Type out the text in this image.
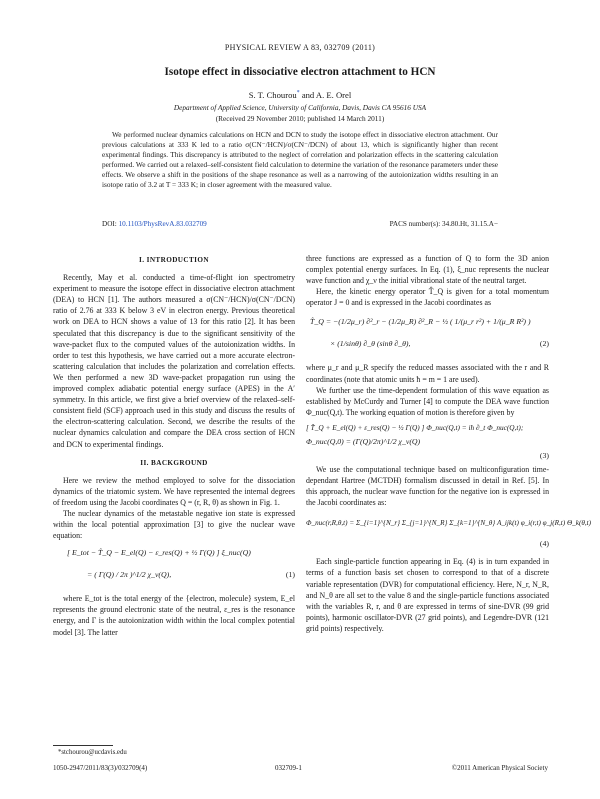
PHYSICAL REVIEW A 83, 032709 (2011)
Isotope effect in dissociative electron attachment to HCN
S. T. Chourou* and A. E. Orel
Department of Applied Science, University of California, Davis, Davis CA 95616 USA
(Received 29 November 2010; published 14 March 2011)
We performed nuclear dynamics calculations on HCN and DCN to study the isotope effect in dissociative electron attachment. Our previous calculations at 333 K led to a ratio σ(CN⁻/HCN)/σ(CN⁻/DCN) of about 13, which is significantly higher than recent experimental findings. This discrepancy is attributed to the neglect of correlation and polarization effects in the scattering calculation performed. We carried out a relaxed–self-consistent field calculation to determine the variation of the resonance parameters under these effects. We observe a shift in the positions of the shape resonance as well as a narrowing of the autoionization widths resulting in an isotope ratio of 3.2 at T = 333 K; in closer agreement with the measured value.
DOI: 10.1103/PhysRevA.83.032709	PACS number(s): 34.80.Ht, 31.15.A−
I. INTRODUCTION

Recently, May et al. conducted a time-of-flight ion spectrometry experiment to measure the isotope effect in dissociative electron attachment (DEA) to HCN [1]. The authors measured a σ(CN⁻/HCN)/σ(CN⁻/DCN) ratio of 2.76 at 333 K below 3 eV in electron energy. Previous theoretical work on DEA to HCN shows a value of 13 for this ratio [2]. It has been speculated that this discrepancy is due to the significant sensitivity of the wave-packet flux to the computed values of the autoionization widths. In order to test this hypothesis, we have carried out a more accurate electron-scattering calculation that includes the polarization and correlation effects. We then performed a new 3D wave-packet propagation run using the improved complex adiabatic potential energy surface (APES) in the A′ symmetry. In this article, we first give a brief overview of the relaxed–self-consistent field (SCF) approach used in this study and discuss the results of the electron-scattering calculation. Second, we describe the results of the nuclear dynamics calculation and compare the DEA cross section of HCN and DCN to experimental findings.

II. BACKGROUND

Here we review the method employed to solve for the dissociation dynamics of the triatomic system. We have represented the internal degrees of freedom using the Jacobi coordinates Q = (r, R, θ) as shown in Fig. 1.

The nuclear dynamics of the metastable negative ion state is expressed within the local potential approximation [3] to give the nuclear wave equation:

[ E_tot − T̂_Q − E_el(Q) − ε_res(Q) + ½ Γ(Q) ] ξ_nuc(Q)
= ( Γ(Q) / 2π )^1/2 χ_ν(Q),	(1)

where E_tot is the total energy of the {electron, molecule} system, E_el represents the ground electronic state of the neutral, ε_res is the resonance energy, and Γ is the autoionization width within the local complex potential model [3]. The latter

*stchourou@ucdavis.edu

three functions are expressed as a function of Q to form the 3D anion complex potential energy surfaces. In Eq. (1), ξ_nuc represents the nuclear wave function and χ_ν the initial vibrational state of the neutral target.

Here, the kinetic energy operator T̂_Q is given for a total momentum operator J = 0 and is expressed in the Jacobi coordinates as

T̂_Q = −(1/2μ_r) ∂²_r − (1/2μ_R) ∂²_R − ½ ( 1/(μ_r r²) + 1/(μ_R R²) )
× (1/sinθ) ∂_θ (sinθ ∂_θ),	(2)

where μ_r and μ_R specify the reduced masses associated with the r and R coordinates (note that atomic units ħ = m = 1 are used).

We further use the time-dependent formulation of this wave equation as established by McCurdy and Turner [4] to compute the DEA wave function Φ_nuc(Q,t). The working equation of motion is therefore given by

[ T̂_Q + E_el(Q) + ε_res(Q) − ½ Γ(Q) ] Φ_nuc(Q,t) = iħ ∂_t Φ_nuc(Q,t);
Φ_nuc(Q,0) = (Γ(Q)/2π)^1/2 χ_ν(Q)
(3)

We use the computational technique based on multiconfiguration time-dependant Hartree (MCTDH) formalism discussed in detail in Ref. [5]. In this approach, the nuclear wave function for the negative ion is expressed in the Jacobi coordinates as:

Φ_nuc(r,R,θ,t) = Σ_{i=1}^{N_r} Σ_{j=1}^{N_R} Σ_{k=1}^{N_θ} A_ijk(t) φ_i(r,t) φ_j(R,t) Θ_k(θ,t)
(4)

Each single-particle function appearing in Eq. (4) is in turn expanded in terms of a function basis set chosen to correspond to that of a discrete variable representation (DVR) for computational efficiency. Here, N_r, N_R, and N_θ are all set to the value 8 and the single-particle functions associated with the variables R, r, and θ are expressed in terms of sine-DVR (99 grid points), harmonic oscillator-DVR (27 grid points), and Legendre-DVR (121 grid points) respectively.

1050-2947/2011/83(3)/032709(4)	032709-1	©2011 American Physical Society
